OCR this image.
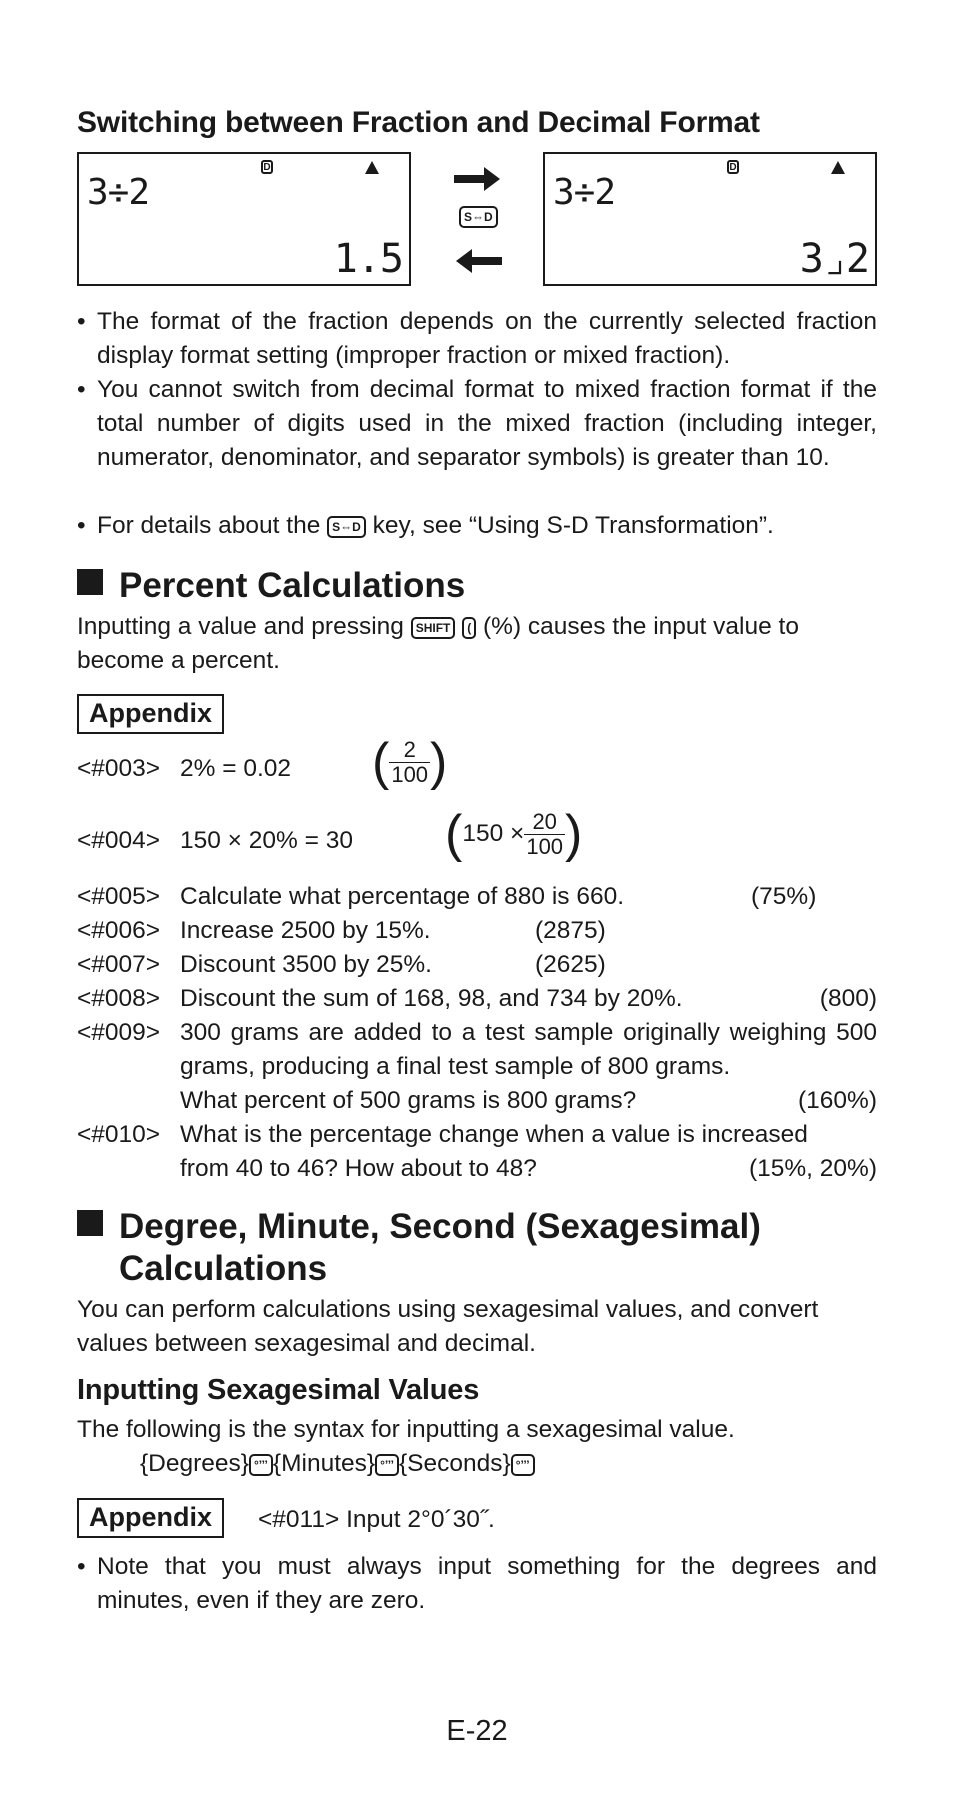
Switching between Fraction and Decimal Format
D
3÷2
1.5
S⇔D
D
3÷2
3⌟2
• The format of the fraction depends on the currently selected fraction display format setting (improper fraction or mixed fraction).
• You cannot switch from decimal format to mixed fraction format if the total number of digits used in the mixed fraction (including integer, numerator, denominator, and separator symbols) is greater than 10.
• For details about the S⇔D key, see “Using S-D Transformation”.
Percent Calculations
Inputting a value and pressing SHIFT ( (%) causes the input value to become a percent.
Appendix
<#003> 2% = 0.02 ( $\frac{2}{100}$ )
<#004> 150 × 20% = 30 ($150 \times \frac{20}{100}$ )
<#005> Calculate what percentage of 880 is 660.	(75%)
<#006> Increase 2500 by 15%.	(2875)
<#007> Discount 3500 by 25%.	(2625)
<#008> Discount the sum of 168, 98, and 734 by 20%.	(800)
<#009> 300 grams are added to a test sample originally weighing 500 grams, producing a final test sample of 800 grams.
What percent of 500 grams is 800 grams?	(160%)
<#010> What is the percentage change when a value is increased
from 40 to 46? How about to 48?	(15%, 20%)
Degree, Minute, Second (Sexagesimal)
Calculations
You can perform calculations using sexagesimal values, and convert values between sexagesimal and decimal.
Inputting Sexagesimal Values
The following is the syntax for inputting a sexagesimal value.
{Degrees} °’’’ {Minutes} °’’’ {Seconds} °’’’
Appendix	<#011> Input 2°0´30˝.
• Note that you must always input something for the degrees and minutes, even if they are zero.
E-22
